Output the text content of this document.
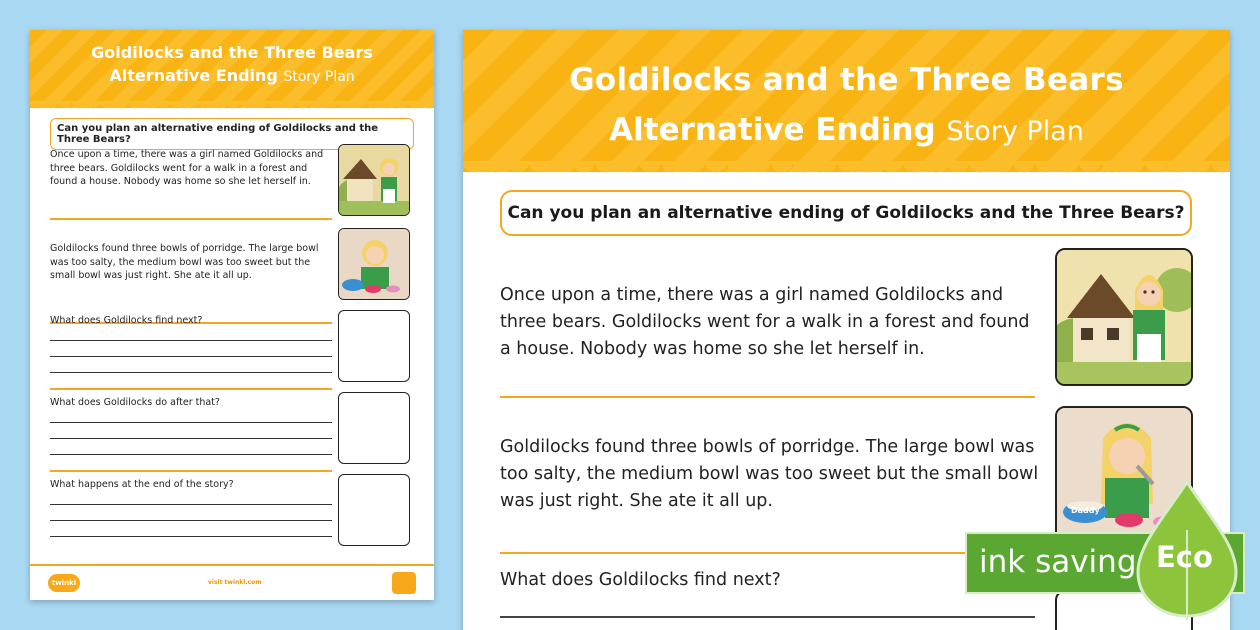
Goldilocks and the Three Bears
Alternative Ending Story Plan
Can you plan an alternative ending of Goldilocks and the Three Bears?
Once upon a time, there was a girl named Goldilocks and three bears. Goldilocks went for a walk in a forest and found a house. Nobody was home so she let herself in.
Goldilocks found three bowls of porridge. The large bowl was too salty, the medium bowl was too sweet but the small bowl was just right. She ate it all up.
What does Goldilocks find next?
What does Goldilocks do after that?
What happens at the end of the story?
twinkl	visit twinkl.com
Goldilocks and the Three Bears
Alternative Ending Story Plan
Can you plan an alternative ending of Goldilocks and the Three Bears?
Once upon a time, there was a girl named Goldilocks and three bears. Goldilocks went for a walk in a forest and found a house. Nobody was home so she let herself in.
Goldilocks found three bowls of porridge. The large bowl was too salty, the medium bowl was too sweet but the small bowl was just right. She ate it all up.	Daddy
What does Goldilocks find next?	ink saving Eco
